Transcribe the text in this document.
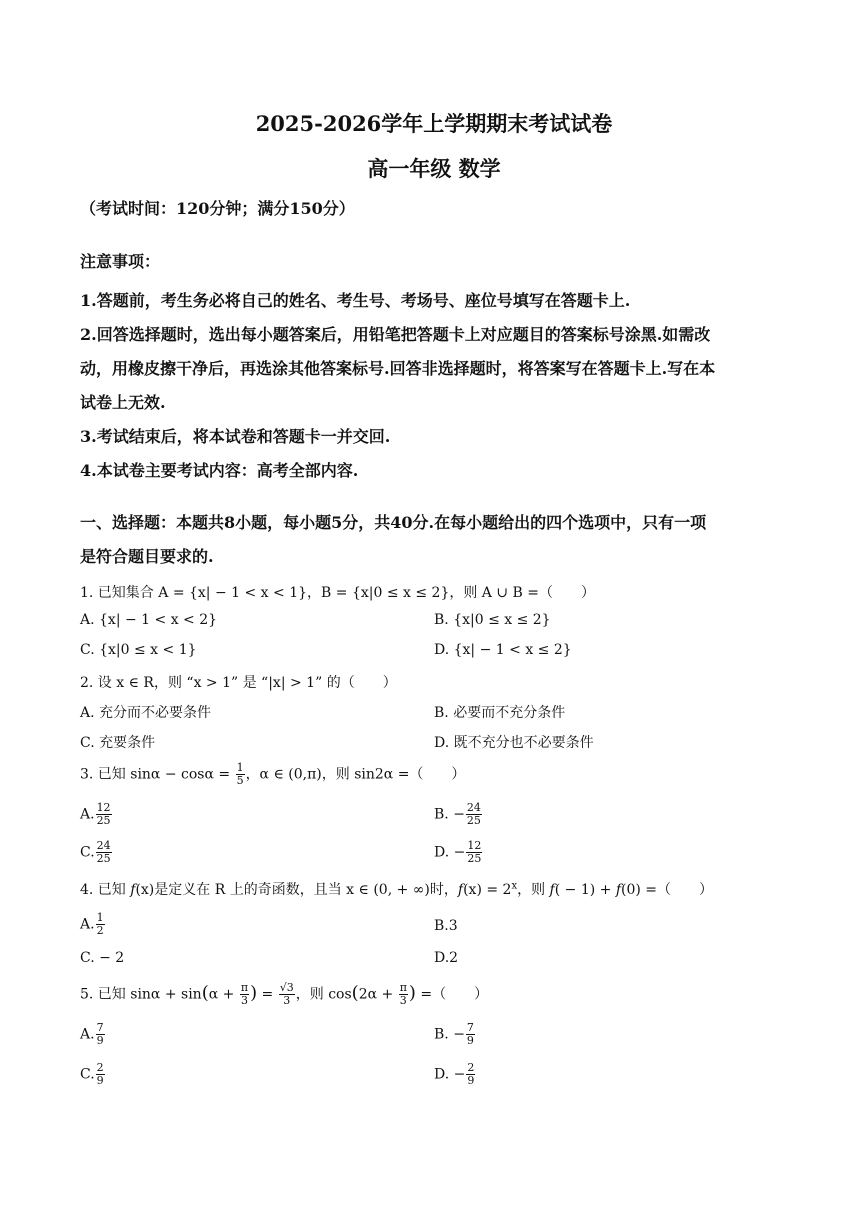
2025-2026学年上学期期末考试试卷
高一年级 数学
（考试时间：120分钟；满分150分）
注意事项：
1.答题前，考生务必将自己的姓名、考生号、考场号、座位号填写在答题卡上.
2.回答选择题时，选出每小题答案后，用铅笔把答题卡上对应题目的答案标号涂黑.如需改
动，用橡皮擦干净后，再选涂其他答案标号.回答非选择题时，将答案写在答题卡上.写在本
试卷上无效.
3.考试结束后，将本试卷和答题卡一并交回.
4.本试卷主要考试内容：高考全部内容.
一、选择题：本题共8小题，每小题5分，共40分.在每小题给出的四个选项中，只有一项
是符合题目要求的.
1. 已知集合 A = {x| − 1 < x < 1}，B = {x|0 ≤ x ≤ 2}，则 A ∪ B =（　　）
A. {x| − 1 < x < 2}	B. {x|0 ≤ x ≤ 2}
C. {x|0 ≤ x < 1}	D. {x| − 1 < x ≤ 2}
2. 设 x ∈ R，则 “x > 1” 是 “|x| > 1” 的（　　）
A. 充分而不必要条件	B. 必要而不充分条件
C. 充要条件	D. 既不充分也不必要条件
3. 已知 $\sin\alpha - \cos\alpha = \frac{1}{5}$ ，α ∈ (0,π)，则 sin2α =（　　）
A. $\frac{12}{25}$	B. − $\frac{24}{25}$
C. $\frac{24}{25}$	D. − $\frac{12}{25}$
4. 已知 f(x)是定义在 R 上的奇函数，且当 x ∈ (0, + ∞)时，$f(x) = 2^x$，则 f( − 1) + f(0) =（　　）
A. $\frac{1}{2}$	B.3
C. − 2	D.2
5. 已知 $\sin\alpha + \sin(\alpha + \frac{\pi}{3}$ ) = $\frac{√3}{3}$ ，则 $\cos(2\alpha + \frac{\pi}{3}$ ) =（　　）
A. $\frac{7}{9}$	B. − $\frac{7}{9}$
C. $\frac{2}{9}$	D. − $\frac{2}{9}$
